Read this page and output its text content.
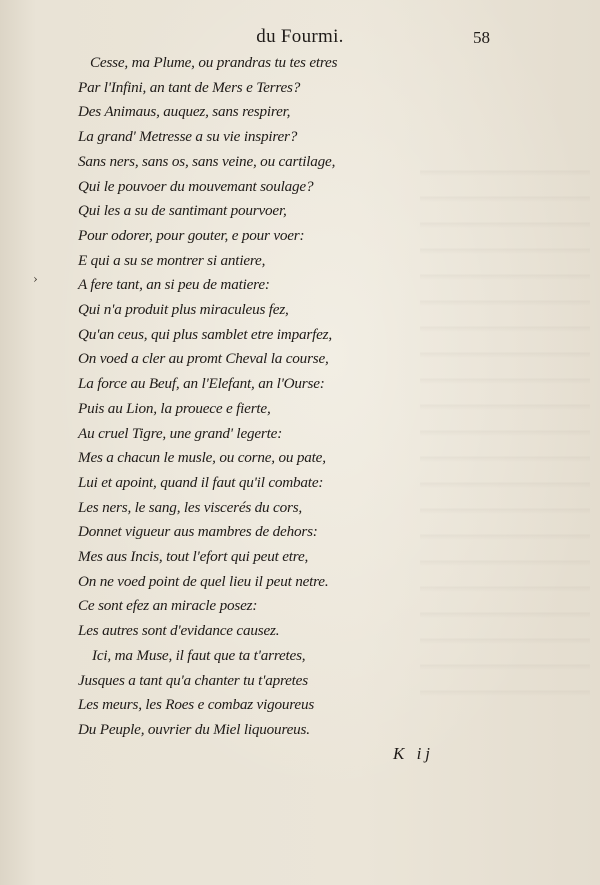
du Fourmi.	58
›
Cesse, ma Plume, ou prandras tu tes etres
Par l'Infini, an tant de Mers e Terres?
Des Animaus, auquez, sans respirer,
La grand' Metresse a su vie inspirer?
Sans ners, sans os, sans veine, ou cartilage,
Qui le pouvoer du mouvemant soulage?
Qui les a su de santimant pourvoer,
Pour odorer, pour gouter, e pour voer:
E qui a su se montrer si antiere,
A fere tant, an si peu de matiere:
Qui n'a produit plus miraculeus fez,
Qu'an ceus, qui plus samblet etre imparfez,
On voed a cler au promt Cheval la course,
La force au Beuf, an l'Elefant, an l'Ourse:
Puis au Lion, la prouece e fierte,
Au cruel Tigre, une grand' legerte:
Mes a chacun le musle, ou corne, ou pate,
Lui et apoint, quand il faut qu'il combate:
Les ners, le sang, les viscerés du cors,
Donnet vigueur aus mambres de dehors:
Mes aus Incis, tout l'efort qui peut etre,
On ne voed point de quel lieu il peut netre.
Ce sont efez an miracle posez:
Les autres sont d'evidance causez.
Ici, ma Muse, il faut que ta t'arretes,
Jusques a tant qu'a chanter tu t'apretes
Les meurs, les Roes e combaz vigoureus
Du Peuple, ouvrier du Miel liquoureus.
K ij
